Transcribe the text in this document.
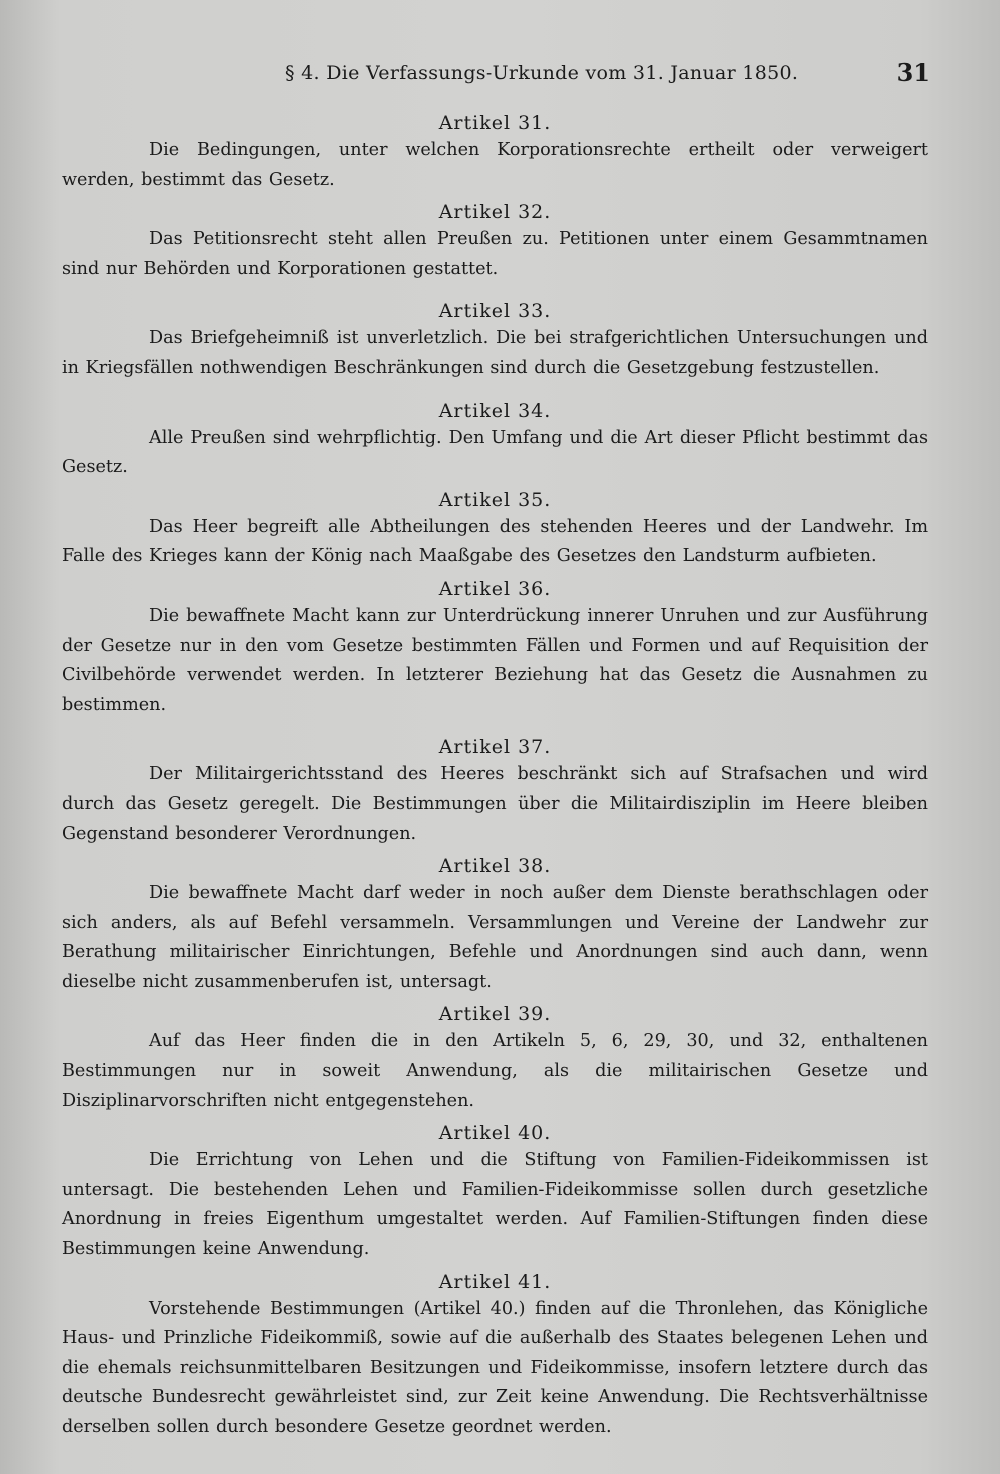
§ 4. Die Verfassungs-Urkunde vom 31. Januar 1850.	31

Artikel 31.

Die Bedingungen, unter welchen Korporationsrechte ertheilt oder verweigert werden, bestimmt das Gesetz.

Artikel 32.

Das Petitionsrecht steht allen Preußen zu. Petitionen unter einem Gesammtnamen sind nur Behörden und Korporationen gestattet.

Artikel 33.

Das Briefgeheimniß ist unverletzlich. Die bei strafgerichtlichen Untersuchungen und in Kriegsfällen nothwendigen Beschränkungen sind durch die Gesetzgebung festzustellen.

Artikel 34.

Alle Preußen sind wehrpflichtig. Den Umfang und die Art dieser Pflicht bestimmt das Gesetz.

Artikel 35.

Das Heer begreift alle Abtheilungen des stehenden Heeres und der Landwehr. Im Falle des Krieges kann der König nach Maaßgabe des Gesetzes den Landsturm aufbieten.

Artikel 36.

Die bewaffnete Macht kann zur Unterdrückung innerer Unruhen und zur Ausführung der Gesetze nur in den vom Gesetze bestimmten Fällen und Formen und auf Requisition der Civilbehörde verwendet werden. In letzterer Beziehung hat das Gesetz die Ausnahmen zu bestimmen.

Artikel 37.

Der Militairgerichtsstand des Heeres beschränkt sich auf Strafsachen und wird durch das Gesetz geregelt. Die Bestimmungen über die Militairdisziplin im Heere bleiben Gegenstand besonderer Verordnungen.

Artikel 38.

Die bewaffnete Macht darf weder in noch außer dem Dienste berathschlagen oder sich anders, als auf Befehl versammeln. Versammlungen und Vereine der Landwehr zur Berathung militairischer Einrichtungen, Befehle und Anordnungen sind auch dann, wenn dieselbe nicht zusammenberufen ist, untersagt.

Artikel 39.

Auf das Heer finden die in den Artikeln 5, 6, 29, 30, und 32, enthaltenen Bestimmungen nur in soweit Anwendung, als die militairischen Gesetze und Disziplinarvorschriften nicht entgegenstehen.

Artikel 40.

Die Errichtung von Lehen und die Stiftung von Familien-Fideikommissen ist untersagt. Die bestehenden Lehen und Familien-Fideikommisse sollen durch gesetzliche Anordnung in freies Eigenthum umgestaltet werden. Auf Familien-Stiftungen finden diese Bestimmungen keine Anwendung.

Artikel 41.

Vorstehende Bestimmungen (Artikel 40.) finden auf die Thronlehen, das Königliche Haus- und Prinzliche Fideikommiß, sowie auf die außerhalb des Staates belegenen Lehen und die ehemals reichsunmittelbaren Besitzungen und Fideikommisse, insofern letztere durch das deutsche Bundesrecht gewährleistet sind, zur Zeit keine Anwendung. Die Rechtsverhältnisse derselben sollen durch besondere Gesetze geordnet werden.
